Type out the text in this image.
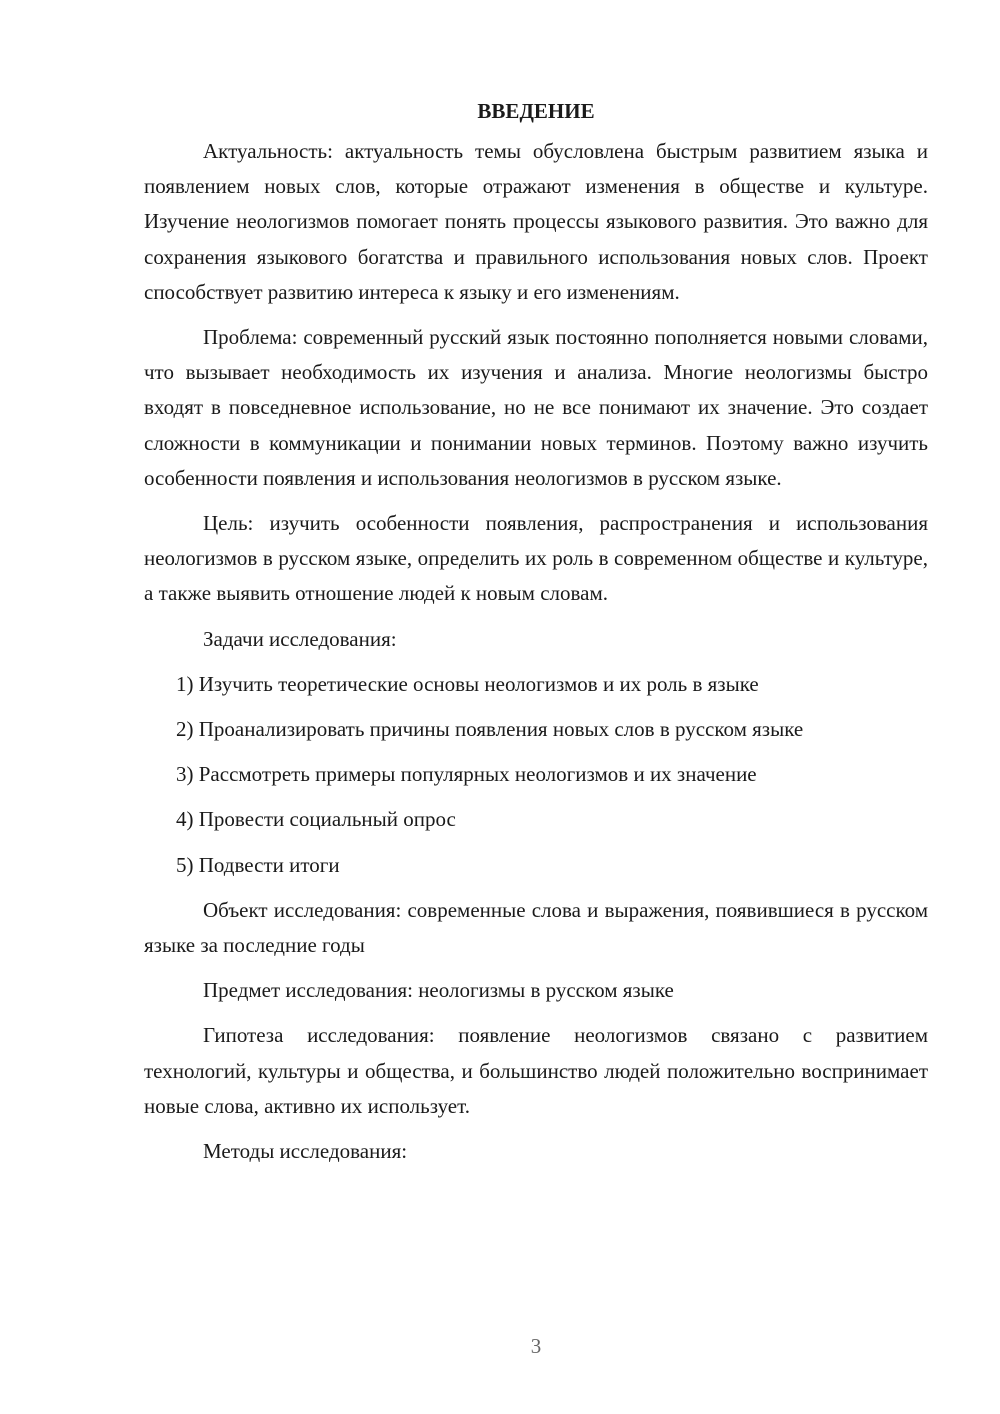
ВВЕДЕНИЕ

Актуальность: актуальность темы обусловлена быстрым развитием языка и появлением новых слов, которые отражают изменения в обществе и культуре. Изучение неологизмов помогает понять процессы языкового развития. Это важно для сохранения языкового богатства и правильного использования новых слов. Проект способствует развитию интереса к языку и его изменениям.

Проблема: современный русский язык постоянно пополняется новыми словами, что вызывает необходимость их изучения и анализа. Многие неологизмы быстро входят в повседневное использование, но не все понимают их значение. Это создает сложности в коммуникации и понимании новых терминов. Поэтому важно изучить особенности появления и использования неологизмов в русском языке.

Цель: изучить особенности появления, распространения и использования неологизмов в русском языке, определить их роль в современном обществе и культуре, а также выявить отношение людей к новым словам.

Задачи исследования:

1) Изучить теоретические основы неологизмов и их роль в языке

2) Проанализировать причины появления новых слов в русском языке

3) Рассмотреть примеры популярных неологизмов и их значение

4) Провести социальный опрос

5) Подвести итоги

Объект исследования: современные слова и выражения, появившиеся в русском языке за последние годы

Предмет исследования: неологизмы в русском языке

Гипотеза исследования: появление неологизмов связано с развитием технологий, культуры и общества, и большинство людей положительно воспринимает новые слова, активно их использует.

Методы исследования:

3
